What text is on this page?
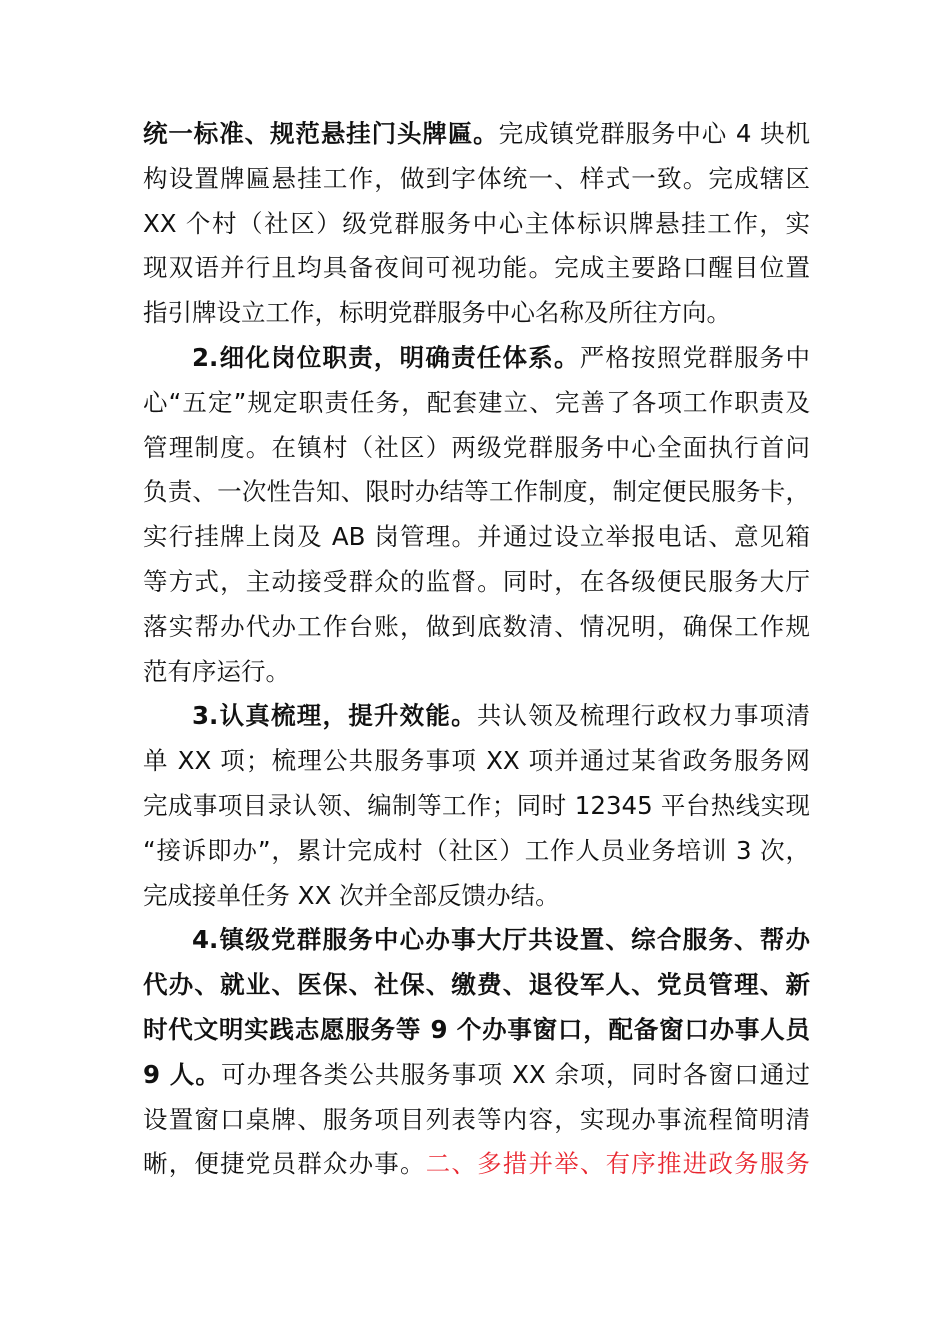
统一标准、规范悬挂门头牌匾。完成镇党群服务中心 4 块机
构设置牌匾悬挂工作，做到字体统一、样式一致。完成辖区
XX 个村（社区）级党群服务中心主体标识牌悬挂工作，实
现双语并行且均具备夜间可视功能。完成主要路口醒目位置
指引牌设立工作，标明党群服务中心名称及所往方向。
2.细化岗位职责，明确责任体系。严格按照党群服务中
心“五定”规定职责任务，配套建立、完善了各项工作职责及
管理制度。在镇村（社区）两级党群服务中心全面执行首问
负责、一次性告知、限时办结等工作制度，制定便民服务卡，
实行挂牌上岗及 AB 岗管理。并通过设立举报电话、意见箱
等方式，主动接受群众的监督。同时，在各级便民服务大厅
落实帮办代办工作台账，做到底数清、情况明，确保工作规
范有序运行。
3.认真梳理，提升效能。共认领及梳理行政权力事项清
单 XX 项；梳理公共服务事项 XX 项并通过某省政务服务网
完成事项目录认领、编制等工作；同时 12345 平台热线实现
“接诉即办”，累计完成村（社区）工作人员业务培训 3 次，
完成接单任务 XX 次并全部反馈办结。
4.镇级党群服务中心办事大厅共设置、综合服务、帮办
代办、就业、医保、社保、缴费、退役军人、党员管理、新
时代文明实践志愿服务等 9 个办事窗口，配备窗口办事人员
9 人。可办理各类公共服务事项 XX 余项，同时各窗口通过
设置窗口桌牌、服务项目列表等内容，实现办事流程简明清
晰，便捷党员群众办事。二、多措并举、有序推进政务服务
